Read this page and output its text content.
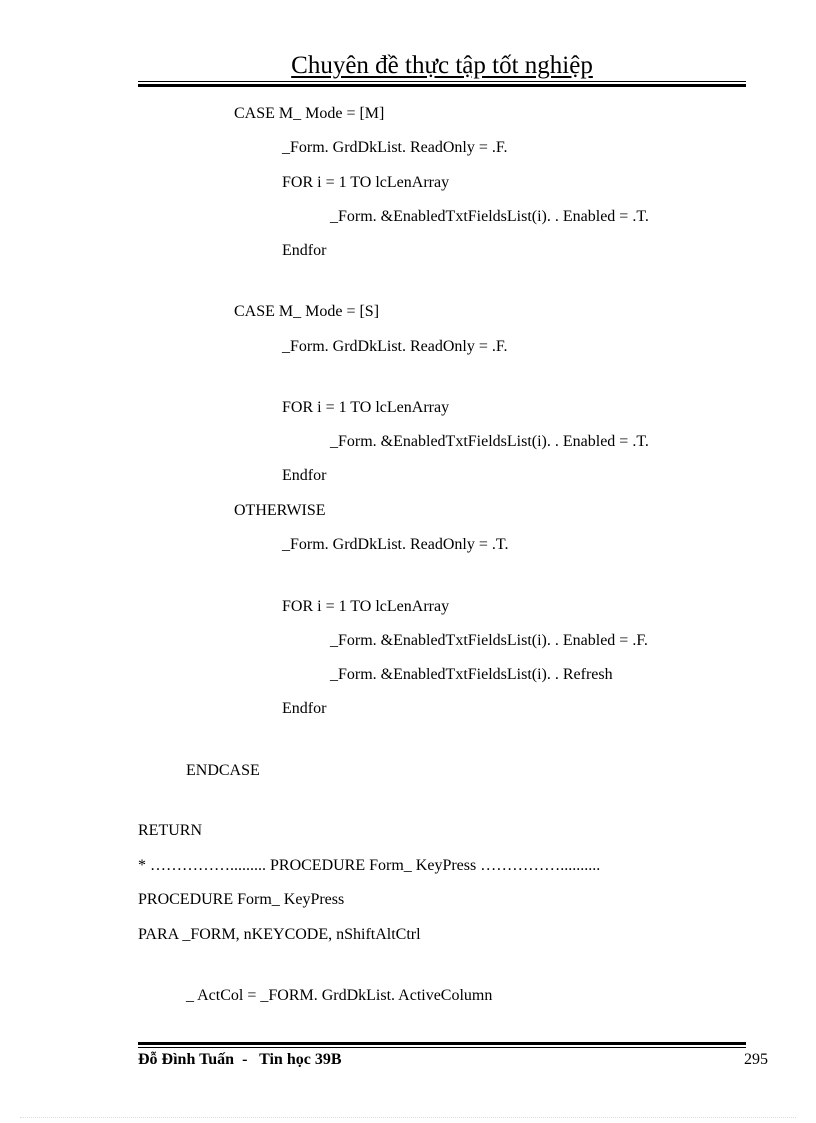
Chuyên đề thực tập tốt nghiệp
CASE M_ Mode = [M]
_Form. GrdDkList. ReadOnly = .F.
FOR i = 1 TO lcLenArray
_Form. &EnabledTxtFieldsList(i). . Enabled = .T.
Endfor
CASE M_ Mode = [S]
_Form. GrdDkList. ReadOnly = .F.
FOR i = 1 TO lcLenArray
_Form. &EnabledTxtFieldsList(i). . Enabled = .T.
Endfor
OTHERWISE
_Form. GrdDkList. ReadOnly = .T.
FOR i = 1 TO lcLenArray
_Form. &EnabledTxtFieldsList(i). . Enabled = .F.
_Form. &EnabledTxtFieldsList(i). . Refresh
Endfor
ENDCASE
RETURN
* ……………......... PROCEDURE Form_ KeyPress ……………..........
PROCEDURE Form_ KeyPress
PARA _FORM, nKEYCODE, nShiftAltCtrl
_ ActCol = _FORM. GrdDkList. ActiveColumn
Đỗ Đình Tuấn  -   Tin học 39B	295
